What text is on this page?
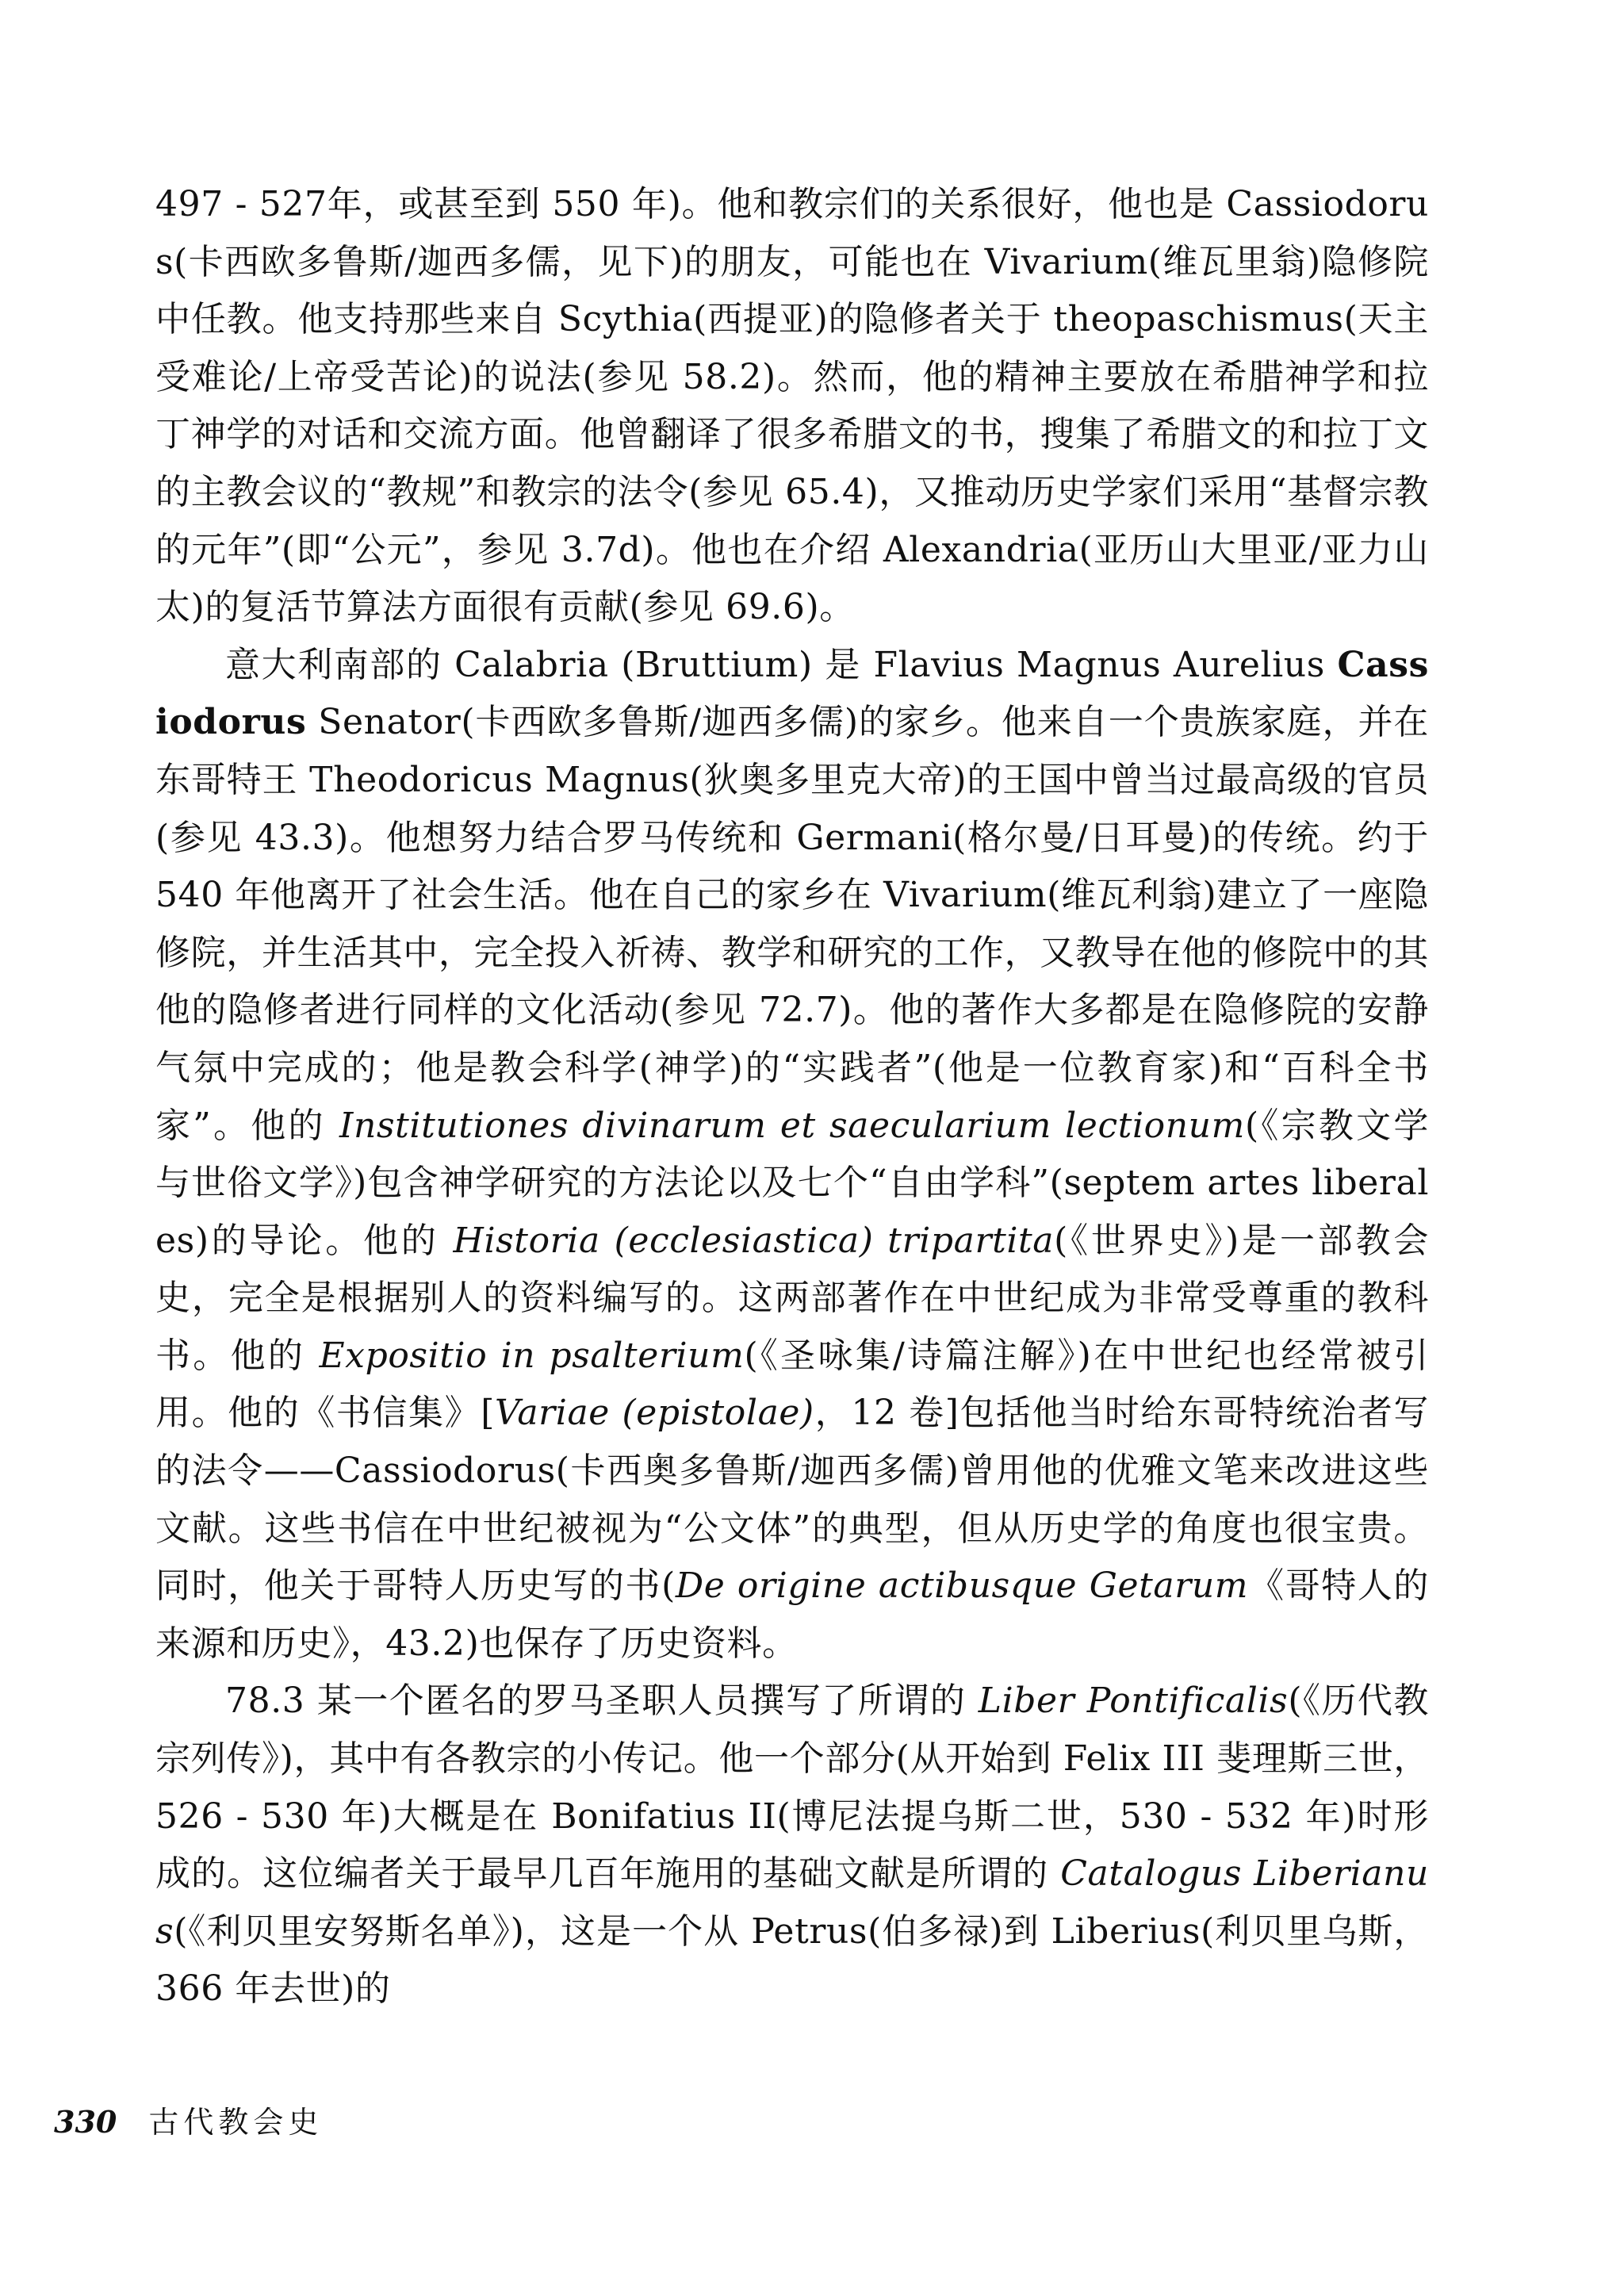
497 - 527年，或甚至到 550 年)。他和教宗们的关系很好，他也是 Cassiodorus(卡西欧多鲁斯/迦西多儒，见下)的朋友，可能也在 Vivarium(维瓦里翁)隐修院中任教。他支持那些来自 Scythia(西提亚)的隐修者关于 theopaschismus(天主受难论/上帝受苦论)的说法(参见 58.2)。然而，他的精神主要放在希腊神学和拉丁神学的对话和交流方面。他曾翻译了很多希腊文的书，搜集了希腊文的和拉丁文的主教会议的“教规”和教宗的法令(参见 65.4)，又推动历史学家们采用“基督宗教的元年”(即“公元”，参见 3.7d)。他也在介绍 Alexandria(亚历山大里亚/亚力山太)的复活节算法方面很有贡献(参见 69.6)。

意大利南部的 Calabria (Bruttium) 是 Flavius Magnus Aurelius Cassiodorus Senator(卡西欧多鲁斯/迦西多儒)的家乡。他来自一个贵族家庭，并在东哥特王 Theodoricus Magnus(狄奥多里克大帝)的王国中曾当过最高级的官员(参见 43.3)。他想努力结合罗马传统和 Germani(格尔曼/日耳曼)的传统。约于 540 年他离开了社会生活。他在自己的家乡在 Vivarium(维瓦利翁)建立了一座隐修院，并生活其中，完全投入祈祷、教学和研究的工作，又教导在他的修院中的其他的隐修者进行同样的文化活动(参见 72.7)。他的著作大多都是在隐修院的安静气氛中完成的；他是教会科学(神学)的“实践者”(他是一位教育家)和“百科全书家”。他的 Institutiones divinarum et saecularium lectionum(《宗教文学与世俗文学》)包含神学研究的方法论以及七个“自由学科”(septem artes liberales)的导论。他的 Historia (ecclesiastica) tripartita(《世界史》)是一部教会史，完全是根据别人的资料编写的。这两部著作在中世纪成为非常受尊重的教科书。他的 Expositio in psalterium(《圣咏集/诗篇注解》)在中世纪也经常被引用。他的《书信集》[Variae (epistolae)，12 卷]包括他当时给东哥特统治者写的法令——Cassiodorus(卡西奥多鲁斯/迦西多儒)曾用他的优雅文笔来改进这些文献。这些书信在中世纪被视为“公文体”的典型，但从历史学的角度也很宝贵。同时，他关于哥特人历史写的书(De origine actibusque Getarum《哥特人的来源和历史》，43.2)也保存了历史资料。

78.3 某一个匿名的罗马圣职人员撰写了所谓的 Liber Pontificalis(《历代教宗列传》)，其中有各教宗的小传记。他一个部分(从开始到 Felix III 斐理斯三世，526 - 530 年)大概是在 Bonifatius II(博尼法提乌斯二世，530 - 532 年)时形成的。这位编者关于最早几百年施用的基础文献是所谓的 Catalogus Liberianus(《利贝里安努斯名单》)，这是一个从 Petrus(伯多禄)到 Liberius(利贝里乌斯，366 年去世)的

330 古代教会史
